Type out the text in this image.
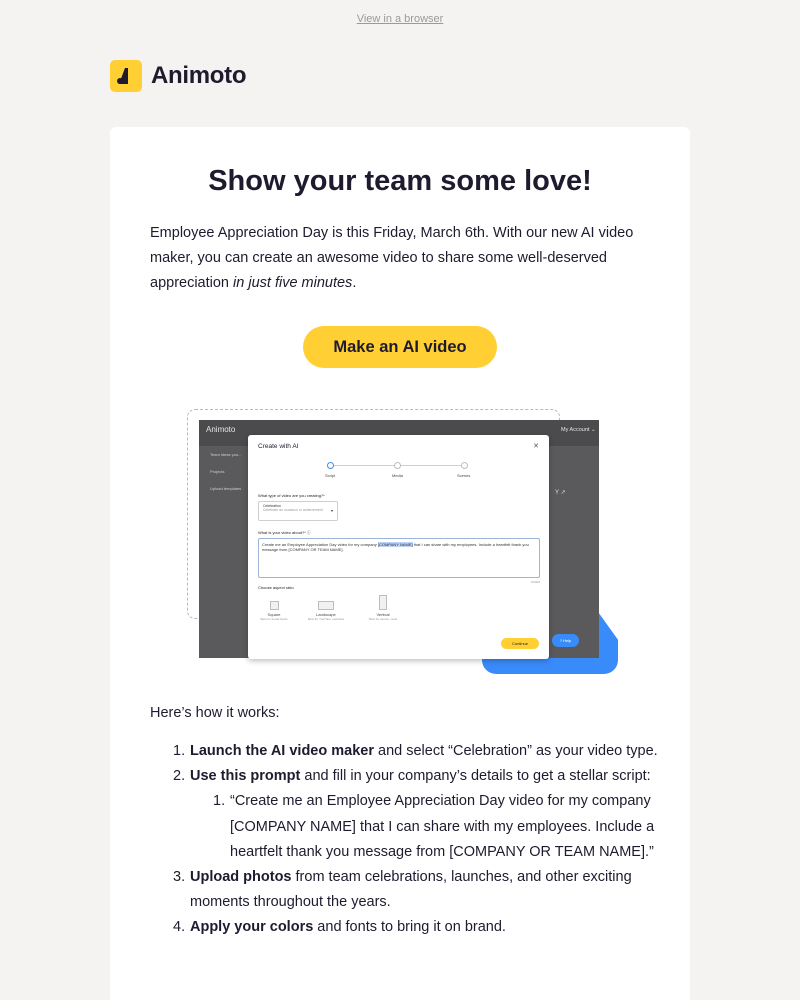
View in a browser
Animoto
Show your team some love!

Employee Appreciation Day is this Friday, March 6th. With our new AI video maker, you can create an awesome video to share some well-deserved appreciation in just five minutes.

Make an AI video
Animoto	My Account ⌄
Team ideas you...
Projects
Upload templates
Y ↗
Create with AI	✕
Script	Media	Scenes
What type of video are you creating?*
Celebration
Celebrate an occasion or achievement	▾
What is your video about?* ⓘ
Create me an Employee Appreciation Day video for my company [COMPANY NAME] that I can share with my employees. Include a heartfelt thank you message from [COMPANY OR TEAM NAME].
0/2000
Choose aspect ratio
Square
Best for social feeds
Landscape
Best for YouTube, websites
Vertical
Best for stories, reels
Continue
? Help
Here’s how it works:
1. Launch the AI video maker and select “Celebration” as your video type.
2. Use this prompt and fill in your company’s details to get a stellar script:
1. “Create me an Employee Appreciation Day video for my company [COMPANY NAME] that I can share with my employees. Include a heartfelt thank you message from [COMPANY OR TEAM NAME].”
3. Upload photos from team celebrations, launches, and other exciting moments throughout the years.
4. Apply your colors and fonts to bring it on brand.
